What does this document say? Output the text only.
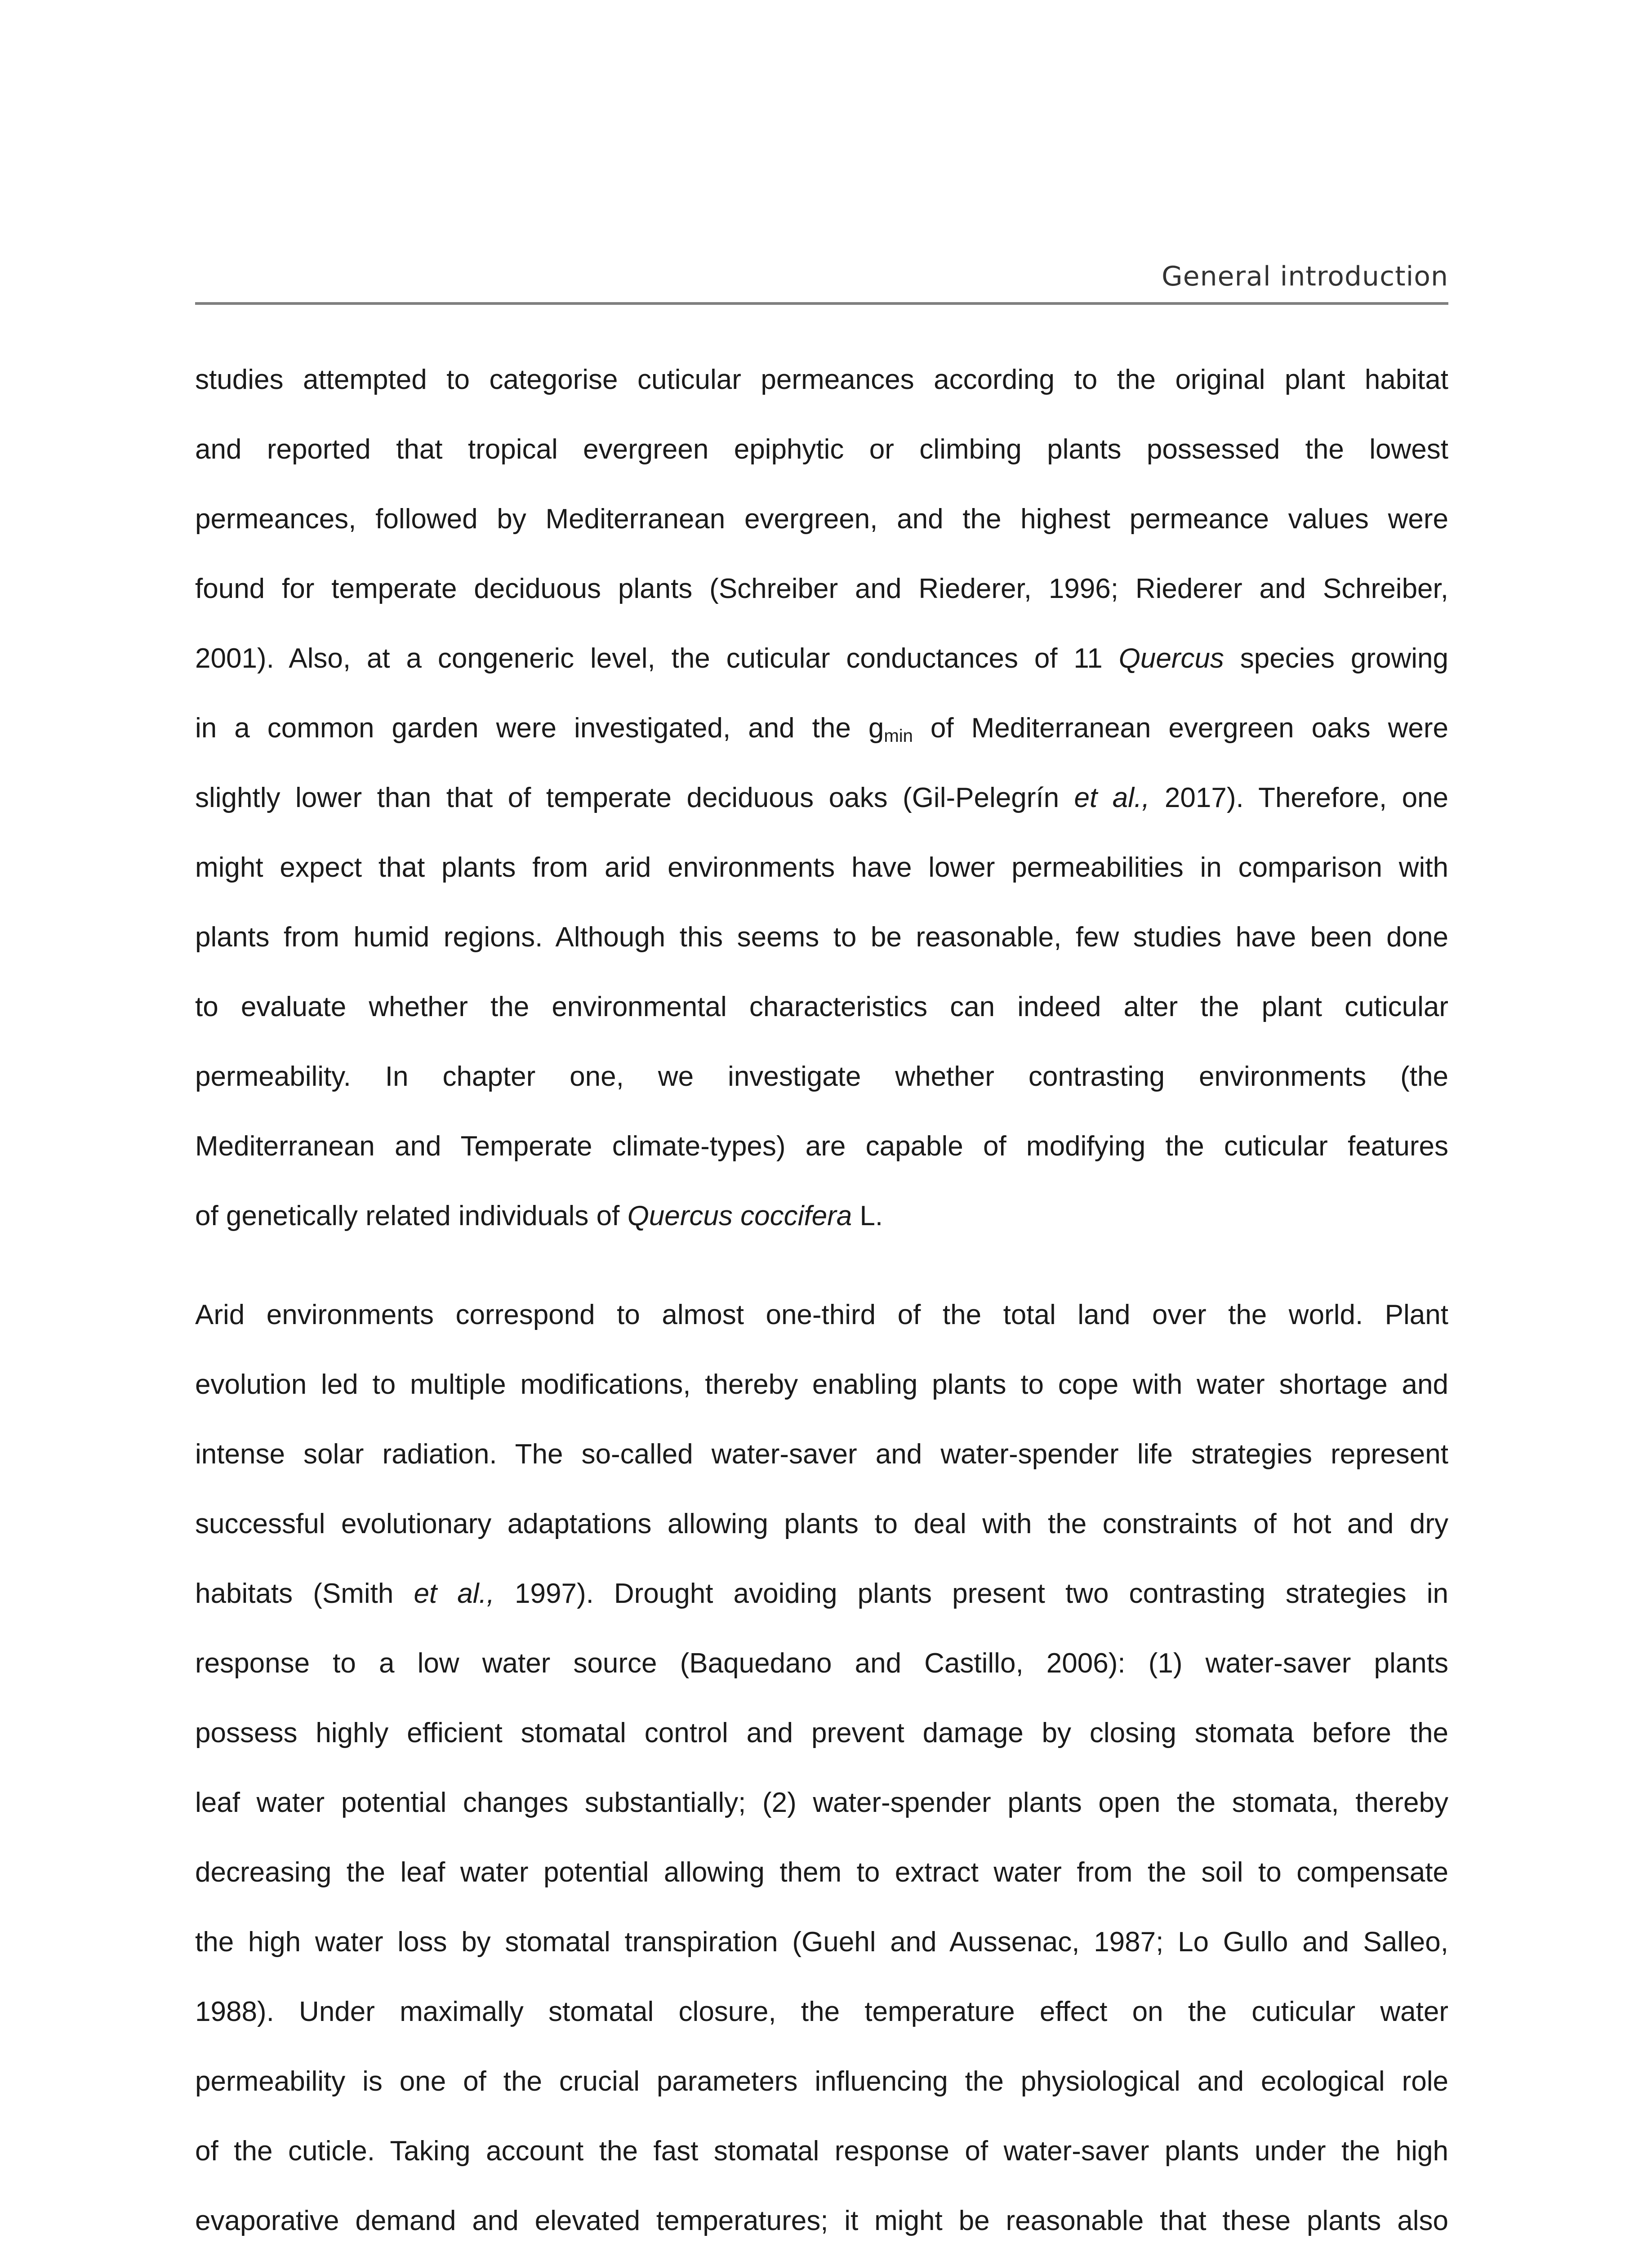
General introduction

studies attempted to categorise cuticular permeances according to the original plant habitat

and reported that tropical evergreen epiphytic or climbing plants possessed the lowest

permeances, followed by Mediterranean evergreen, and the highest permeance values were

found for temperate deciduous plants (Schreiber and Riederer, 1996; Riederer and Schreiber,

2001). Also, at a congeneric level, the cuticular conductances of 11 Quercus species growing

in a common garden were investigated, and the $g_{min}$ of Mediterranean evergreen oaks were

slightly lower than that of temperate deciduous oaks (Gil-Pelegrín et al., 2017). Therefore, one

might expect that plants from arid environments have lower permeabilities in comparison with

plants from humid regions. Although this seems to be reasonable, few studies have been done

to evaluate whether the environmental characteristics can indeed alter the plant cuticular

permeability. In chapter one, we investigate whether contrasting environments (the

Mediterranean and Temperate climate-types) are capable of modifying the cuticular features

of genetically related individuals of Quercus coccifera L.

Arid environments correspond to almost one-third of the total land over the world. Plant

evolution led to multiple modifications, thereby enabling plants to cope with water shortage and

intense solar radiation. The so-called water-saver and water-spender life strategies represent

successful evolutionary adaptations allowing plants to deal with the constraints of hot and dry

habitats (Smith et al., 1997). Drought avoiding plants present two contrasting strategies in

response to a low water source (Baquedano and Castillo, 2006): (1) water-saver plants

possess highly efficient stomatal control and prevent damage by closing stomata before the

leaf water potential changes substantially; (2) water-spender plants open the stomata, thereby

decreasing the leaf water potential allowing them to extract water from the soil to compensate

the high water loss by stomatal transpiration (Guehl and Aussenac, 1987; Lo Gullo and Salleo,

1988). Under maximally stomatal closure, the temperature effect on the cuticular water

permeability is one of the crucial parameters influencing the physiological and ecological role

of the cuticle. Taking account the fast stomatal response of water-saver plants under the high

evaporative demand and elevated temperatures; it might be reasonable that these plants also
